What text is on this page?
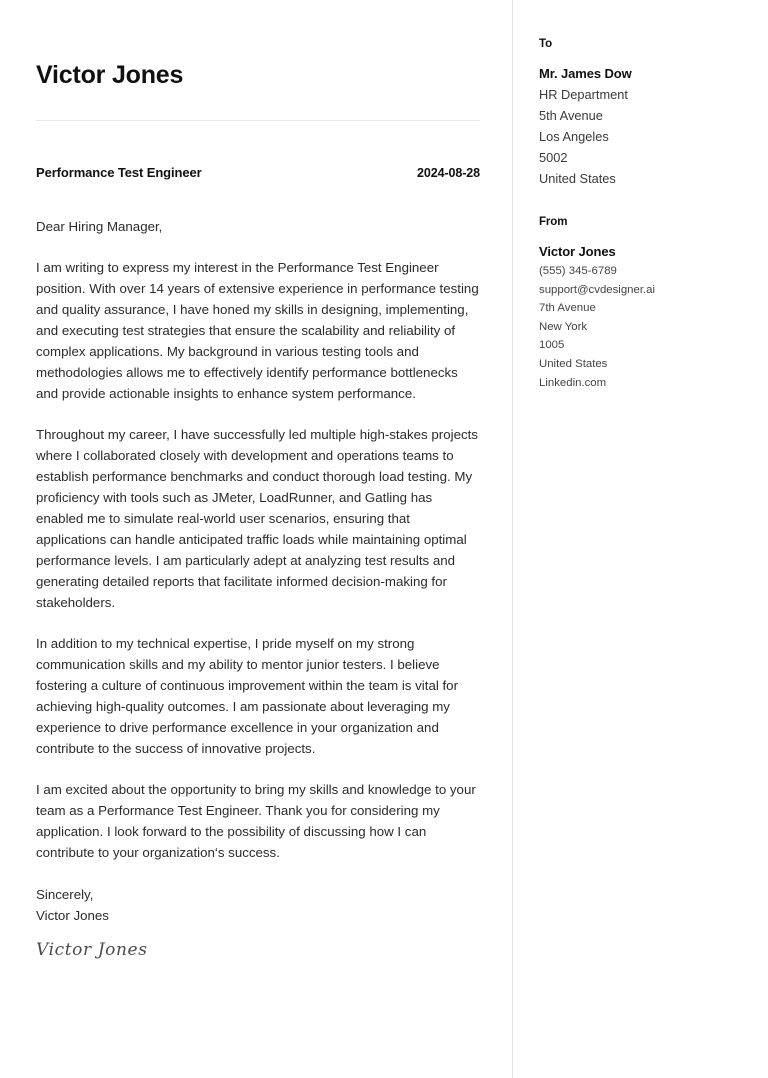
Victor Jones
Performance Test Engineer	2024-08-28
Dear Hiring Manager,

I am writing to express my interest in the Performance Test Engineer position. With over 14 years of extensive experience in performance testing and quality assurance, I have honed my skills in designing, implementing, and executing test strategies that ensure the scalability and reliability of complex applications. My background in various testing tools and methodologies allows me to effectively identify performance bottlenecks and provide actionable insights to enhance system performance.

Throughout my career, I have successfully led multiple high-stakes projects where I collaborated closely with development and operations teams to establish performance benchmarks and conduct thorough load testing. My proficiency with tools such as JMeter, LoadRunner, and Gatling has enabled me to simulate real-world user scenarios, ensuring that applications can handle anticipated traffic loads while maintaining optimal performance levels. I am particularly adept at analyzing test results and generating detailed reports that facilitate informed decision-making for stakeholders.

In addition to my technical expertise, I pride myself on my strong communication skills and my ability to mentor junior testers. I believe fostering a culture of continuous improvement within the team is vital for achieving high-quality outcomes. I am passionate about leveraging my experience to drive performance excellence in your organization and contribute to the success of innovative projects.

I am excited about the opportunity to bring my skills and knowledge to your team as a Performance Test Engineer. Thank you for considering my application. I look forward to the possibility of discussing how I can contribute to your organization‘s success.

Sincerely,
Victor Jones
Victor Jones
To
Mr. James Dow
HR Department
5th Avenue
Los Angeles
5002
United States
From
Victor Jones
(555) 345-6789
support@cvdesigner.ai
7th Avenue
New York
1005
United States
Linkedin.com
